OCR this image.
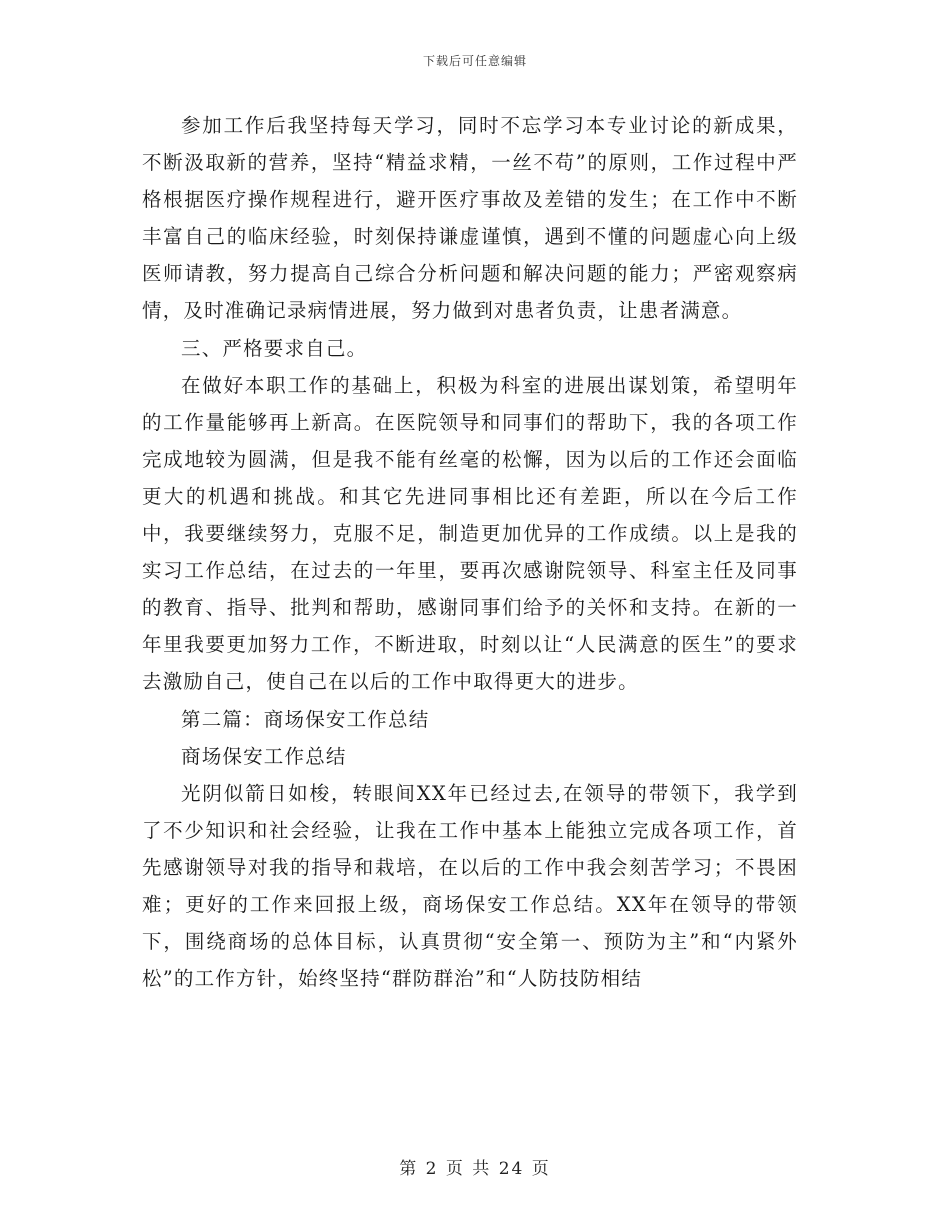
下载后可任意编辑

参加工作后我坚持每天学习，同时不忘学习本专业讨论的新成果，不断汲取新的营养，坚持“精益求精，一丝不苟”的原则，工作过程中严格根据医疗操作规程进行，避开医疗事故及差错的发生；在工作中不断丰富自己的临床经验，时刻保持谦虚谨慎，遇到不懂的问题虚心向上级医师请教，努力提高自己综合分析问题和解决问题的能力；严密观察病情，及时准确记录病情进展，努力做到对患者负责，让患者满意。

三、严格要求自己。

在做好本职工作的基础上，积极为科室的进展出谋划策，希望明年的工作量能够再上新高。在医院领导和同事们的帮助下，我的各项工作完成地较为圆满，但是我不能有丝毫的松懈，因为以后的工作还会面临更大的机遇和挑战。和其它先进同事相比还有差距，所以在今后工作中，我要继续努力，克服不足，制造更加优异的工作成绩。以上是我的实习工作总结，在过去的一年里，要再次感谢院领导、科室主任及同事的教育、指导、批判和帮助，感谢同事们给予的关怀和支持。在新的一年里我要更加努力工作，不断进取，时刻以让“人民满意的医生”的要求去激励自己，使自己在以后的工作中取得更大的进步。

第二篇：商场保安工作总结

商场保安工作总结

光阴似箭日如梭，转眼间XX年已经过去,在领导的带领下，我学到了不少知识和社会经验，让我在工作中基本上能独立完成各项工作，首先感谢领导对我的指导和栽培，在以后的工作中我会刻苦学习；不畏困难；更好的工作来回报上级，商场保安工作总结。XX年在领导的带领下，围绕商场的总体目标，认真贯彻“安全第一、预防为主”和“内紧外松”的工作方针，始终坚持“群防群治”和“人防技防相结

第 2 页 共 24 页
